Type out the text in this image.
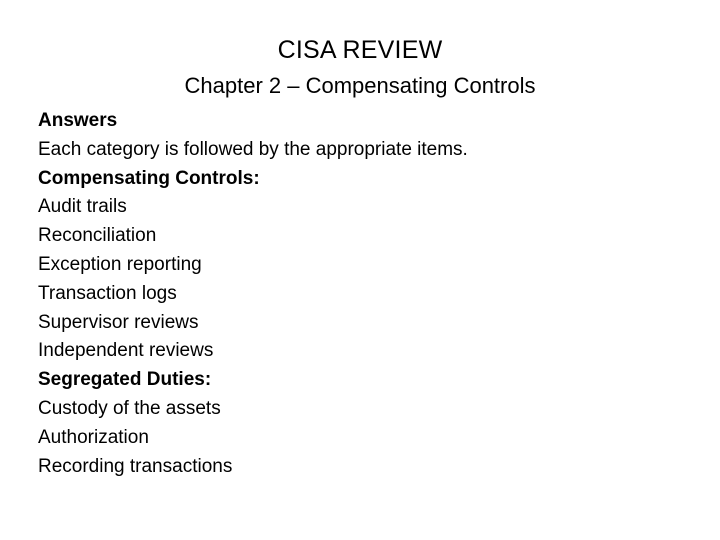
CISA REVIEW
Chapter 2 – Compensating Controls
Answers
Each category is followed by the appropriate items.
Compensating Controls:
Audit trails
Reconciliation
Exception reporting
Transaction logs
Supervisor reviews
Independent reviews
Segregated Duties:
Custody of the assets
Authorization
Recording transactions
